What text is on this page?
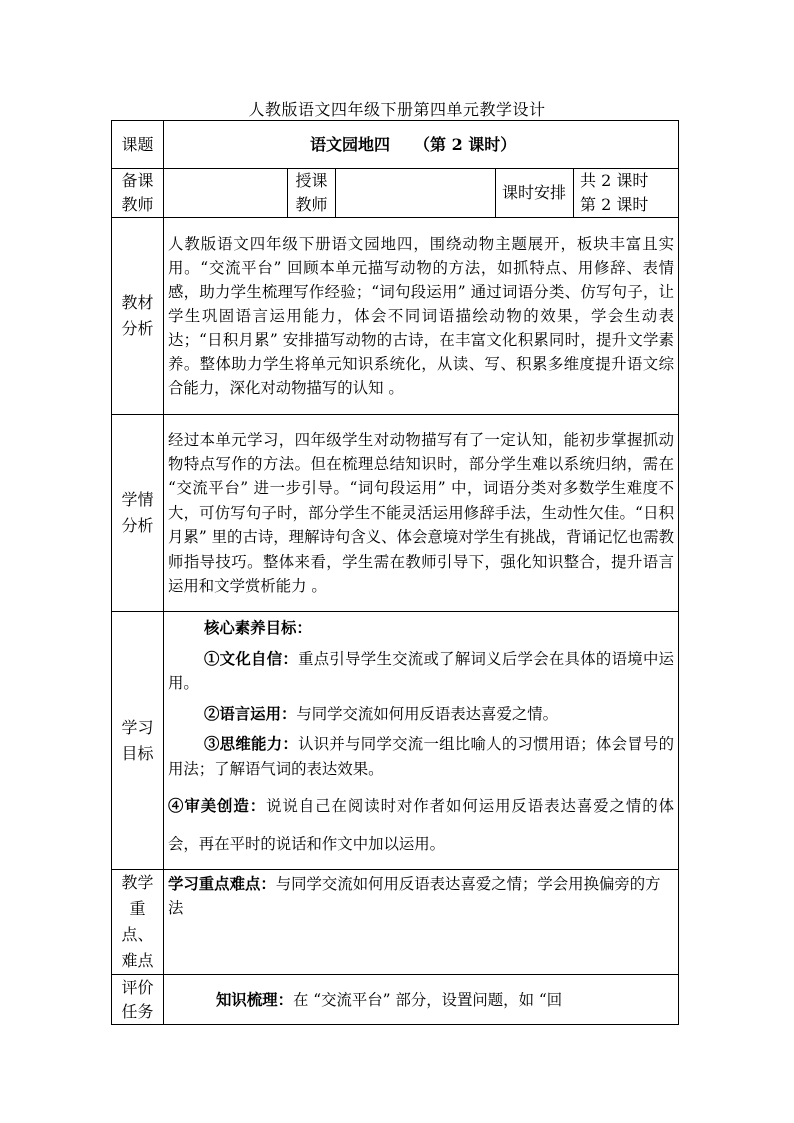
人教版语文四年级下册第四单元教学设计
课题	语文园地四 （第 2 课时）				
备课教师		授课教师		课时安排	共 2 课时
第 2 课时

教材分析	人教版语文四年级下册语文园地四，围绕动物主题展开，板块丰富且实用。“交流平台” 回顾本单元描写动物的方法，如抓特点、用修辞、表情感，助力学生梳理写作经验；“词句段运用” 通过词语分类、仿写句子，让学生巩固语言运用能力，体会不同词语描绘动物的效果，学会生动表达；“日积月累” 安排描写动物的古诗，在丰富文化积累同时，提升文学素养。整体助力学生将单元知识系统化，从读、写、积累多维度提升语文综合能力，深化对动物描写的认知 。				

学情分析	经过本单元学习，四年级学生对动物描写有了一定认知，能初步掌握抓动物特点写作的方法。但在梳理总结知识时，部分学生难以系统归纳，需在 “交流平台” 进一步引导。“词句段运用” 中，词语分类对多数学生难度不大，可仿写句子时，部分学生不能灵活运用修辞手法，生动性欠佳。“日积月累” 里的古诗，理解诗句含义、体会意境对学生有挑战，背诵记忆也需教师指导技巧。整体来看，学生需在教师引导下，强化知识整合，提升语言运用和文学赏析能力 。				

学习目标	核心素养目标：
①文化自信：重点引导学生交流或了解词义后学会在具体的语境中运用。
②语言运用：与同学交流如何用反语表达喜爱之情。
③思维能力：认识并与同学交流一组比喻人的习惯用语；体会冒号的用法；了解语气词的表达效果。
④审美创造：说说自己在阅读时对作者如何运用反语表达喜爱之情的体会，再在平时的说话和作文中加以运用。				

教学重点、难点	学习重点难点：与同学交流如何用反语表达喜爱之情；学会用换偏旁的方法				

评价任务	知识梳理：在 “交流平台” 部分，设置问题，如 “回				
